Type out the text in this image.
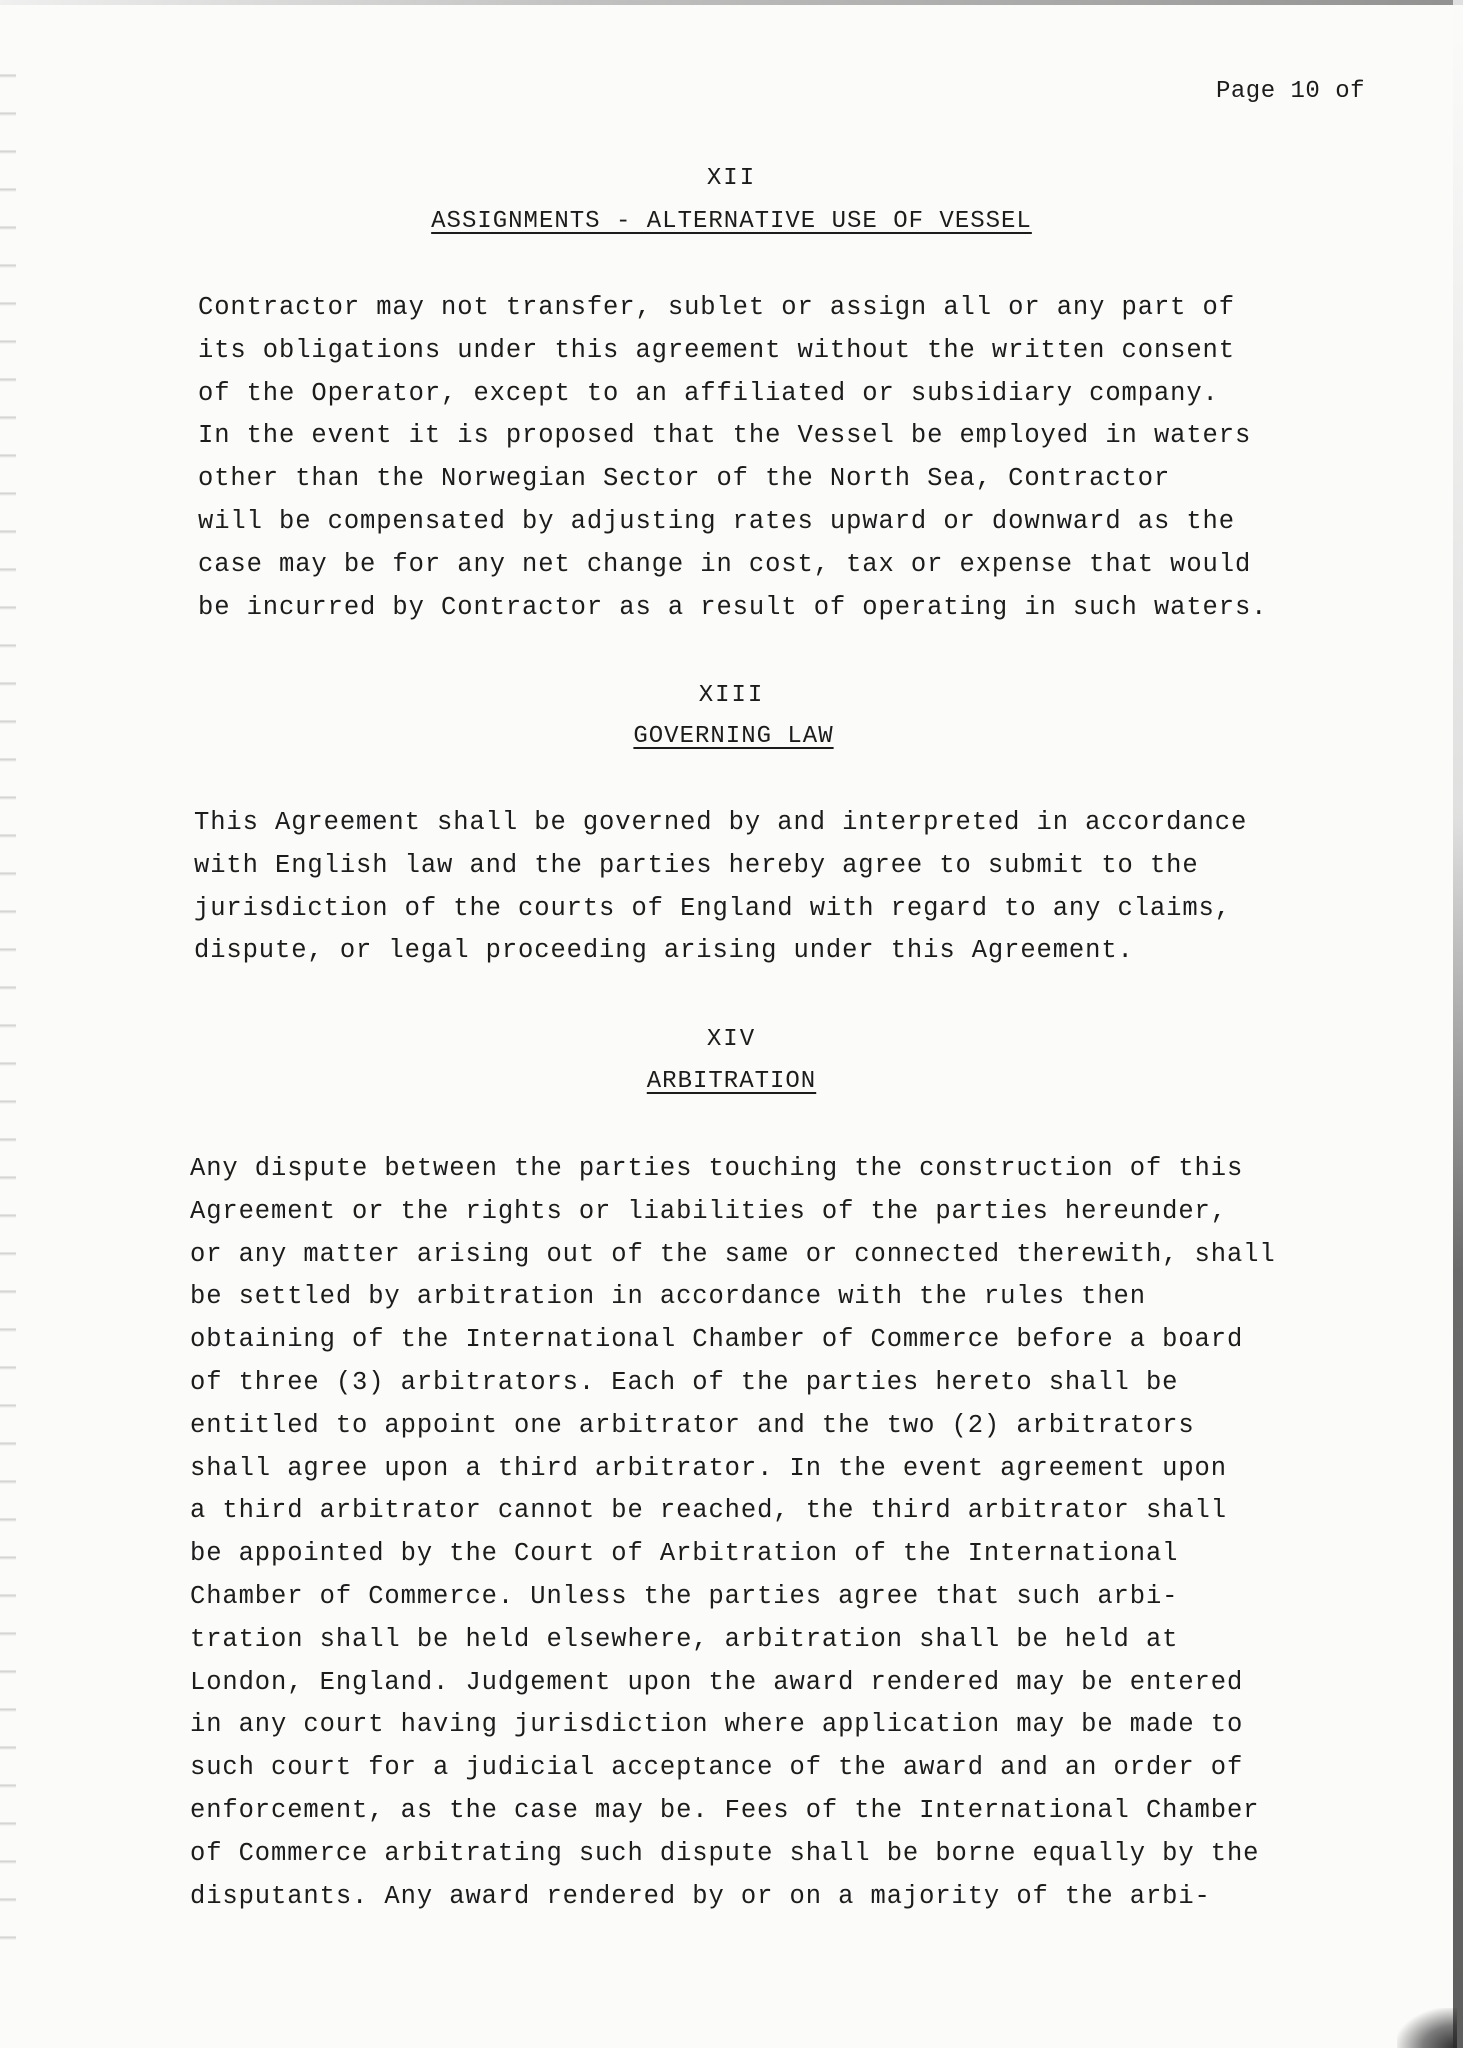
Page 10 of
XII
ASSIGNMENTS - ALTERNATIVE USE OF VESSEL
Contractor may not transfer, sublet or assign all or any part of
its obligations under this agreement without the written consent
of the Operator, except to an affiliated or subsidiary company.
In the event it is proposed that the Vessel be employed in waters
other than the Norwegian Sector of the North Sea, Contractor
will be compensated by adjusting rates upward or downward as the
case may be for any net change in cost, tax or expense that would
be incurred by Contractor as a result of operating in such waters.
XIII
GOVERNING LAW
This Agreement shall be governed by and interpreted in accordance
with English law and the parties hereby agree to submit to the
jurisdiction of the courts of England with regard to any claims,
dispute, or legal proceeding arising under this Agreement.
XIV
ARBITRATION
Any dispute between the parties touching the construction of this
Agreement or the rights or liabilities of the parties hereunder,
or any matter arising out of the same or connected therewith, shall
be settled by arbitration in accordance with the rules then
obtaining of the International Chamber of Commerce before a board
of three (3) arbitrators. Each of the parties hereto shall be
entitled to appoint one arbitrator and the two (2) arbitrators
shall agree upon a third arbitrator. In the event agreement upon
a third arbitrator cannot be reached, the third arbitrator shall
be appointed by the Court of Arbitration of the International
Chamber of Commerce. Unless the parties agree that such arbi-
tration shall be held elsewhere, arbitration shall be held at
London, England. Judgement upon the award rendered may be entered
in any court having jurisdiction where application may be made to
such court for a judicial acceptance of the award and an order of
enforcement, as the case may be. Fees of the International Chamber
of Commerce arbitrating such dispute shall be borne equally by the
disputants. Any award rendered by or on a majority of the arbi-
